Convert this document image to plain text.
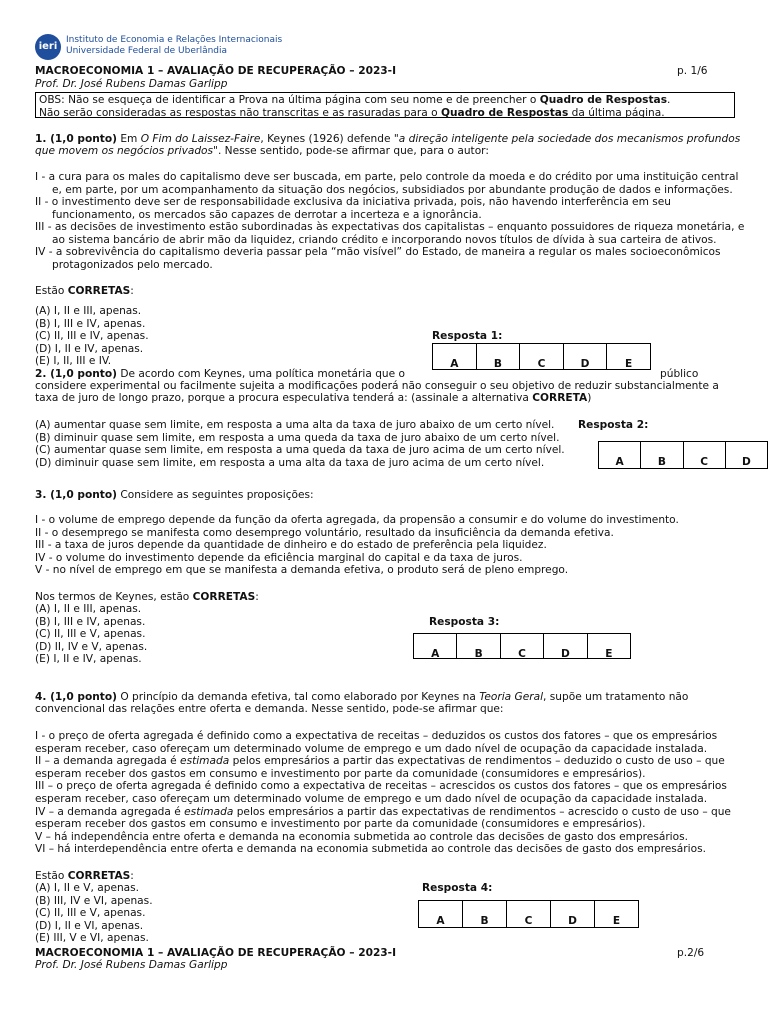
ieri
Instituto de Economia e Relações Internacionais
Universidade Federal de Uberlândia
MACROECONOMIA 1 – AVALIAÇÃO DE RECUPERAÇÃO – 2023-I	p. 1/6
Prof. Dr. José Rubens Damas Garlipp
OBS: Não se esqueça de identificar a Prova na última página com seu nome e de preencher o Quadro de Respostas.
Não serão consideradas as respostas não transcritas e as rasuradas para o Quadro de Respostas da última página.
1. (1,0 ponto) Em O Fim do Laissez-Faire, Keynes (1926) defende "a direção inteligente pela sociedade dos mecanismos profundos
que movem os negócios privados". Nesse sentido, pode-se afirmar que, para o autor:
I - a cura para os males do capitalismo deve ser buscada, em parte, pelo controle da moeda e do crédito por uma instituição central
e, em parte, por um acompanhamento da situação dos negócios, subsidiados por abundante produção de dados e informações.
II - o investimento deve ser de responsabilidade exclusiva da iniciativa privada, pois, não havendo interferência em seu
funcionamento, os mercados são capazes de derrotar a incerteza e a ignorância.
III - as decisões de investimento estão subordinadas às expectativas dos capitalistas – enquanto possuidores de riqueza monetária, e
ao sistema bancário de abrir mão da liquidez, criando crédito e incorporando novos títulos de dívida à sua carteira de ativos.
IV - a sobrevivência do capitalismo deveria passar pela “mão visível” do Estado, de maneira a regular os males socioeconômicos
protagonizados pelo mercado.
Estão CORRETAS:
(A) I, II e III, apenas.
(B) I, III e IV, apenas.
(C) II, III e IV, apenas.
(D) I, II e IV, apenas.
(E) I, II, III e IV.
Resposta 1:
A	B	C	D	E
2. (1,0 ponto) De acordo com Keynes, uma política monetária que o	público
considere experimental ou facilmente sujeita a modificações poderá não conseguir o seu objetivo de reduzir substancialmente a
taxa de juro de longo prazo, porque a procura especulativa tenderá a: (assinale a alternativa CORRETA)
(A) aumentar quase sem limite, em resposta a uma alta da taxa de juro abaixo de um certo nível.
(B) diminuir quase sem limite, em resposta a uma queda da taxa de juro abaixo de um certo nível.
(C) aumentar quase sem limite, em resposta a uma queda da taxa de juro acima de um certo nível.
(D) diminuir quase sem limite, em resposta a uma alta da taxa de juro acima de um certo nível.
Resposta 2:
A	B	C	D
3. (1,0 ponto) Considere as seguintes proposições:
I - o volume de emprego depende da função da oferta agregada, da propensão a consumir e do volume do investimento.
II - o desemprego se manifesta como desemprego voluntário, resultado da insuficiência da demanda efetiva.
III - a taxa de juros depende da quantidade de dinheiro e do estado de preferência pela liquidez.
IV - o volume do investimento depende da eficiência marginal do capital e da taxa de juros.
V - no nível de emprego em que se manifesta a demanda efetiva, o produto será de pleno emprego.
Nos termos de Keynes, estão CORRETAS:
(A) I, II e III, apenas.
(B) I, III e IV, apenas.
(C) II, III e V, apenas.
(D) II, IV e V, apenas.
(E) I, II e IV, apenas.
Resposta 3:
A	B	C	D	E
4. (1,0 ponto) O princípio da demanda efetiva, tal como elaborado por Keynes na Teoria Geral, supõe um tratamento não
convencional das relações entre oferta e demanda. Nesse sentido, pode-se afirmar que:
I - o preço de oferta agregada é definido como a expectativa de receitas – deduzidos os custos dos fatores – que os empresários
esperam receber, caso ofereçam um determinado volume de emprego e um dado nível de ocupação da capacidade instalada.
II – a demanda agregada é estimada pelos empresários a partir das expectativas de rendimentos – deduzido o custo de uso – que
esperam receber dos gastos em consumo e investimento por parte da comunidade (consumidores e empresários).
III – o preço de oferta agregada é definido como a expectativa de receitas – acrescidos os custos dos fatores – que os empresários
esperam receber, caso ofereçam um determinado volume de emprego e um dado nível de ocupação da capacidade instalada.
IV – a demanda agregada é estimada pelos empresários a partir das expectativas de rendimentos – acrescido o custo de uso – que
esperam receber dos gastos em consumo e investimento por parte da comunidade (consumidores e empresários).
V – há independência entre oferta e demanda na economia submetida ao controle das decisões de gasto dos empresários.
VI – há interdependência entre oferta e demanda na economia submetida ao controle das decisões de gasto dos empresários.
Estão CORRETAS:
(A) I, II e V, apenas.
(B) III, IV e VI, apenas.
(C) II, III e V, apenas.
(D) I, II e VI, apenas.
(E) III, V e VI, apenas.
Resposta 4:
A	B	C	D	E
MACROECONOMIA 1 – AVALIAÇÃO DE RECUPERAÇÃO – 2023-I	p.2/6
Prof. Dr. José Rubens Damas Garlipp
